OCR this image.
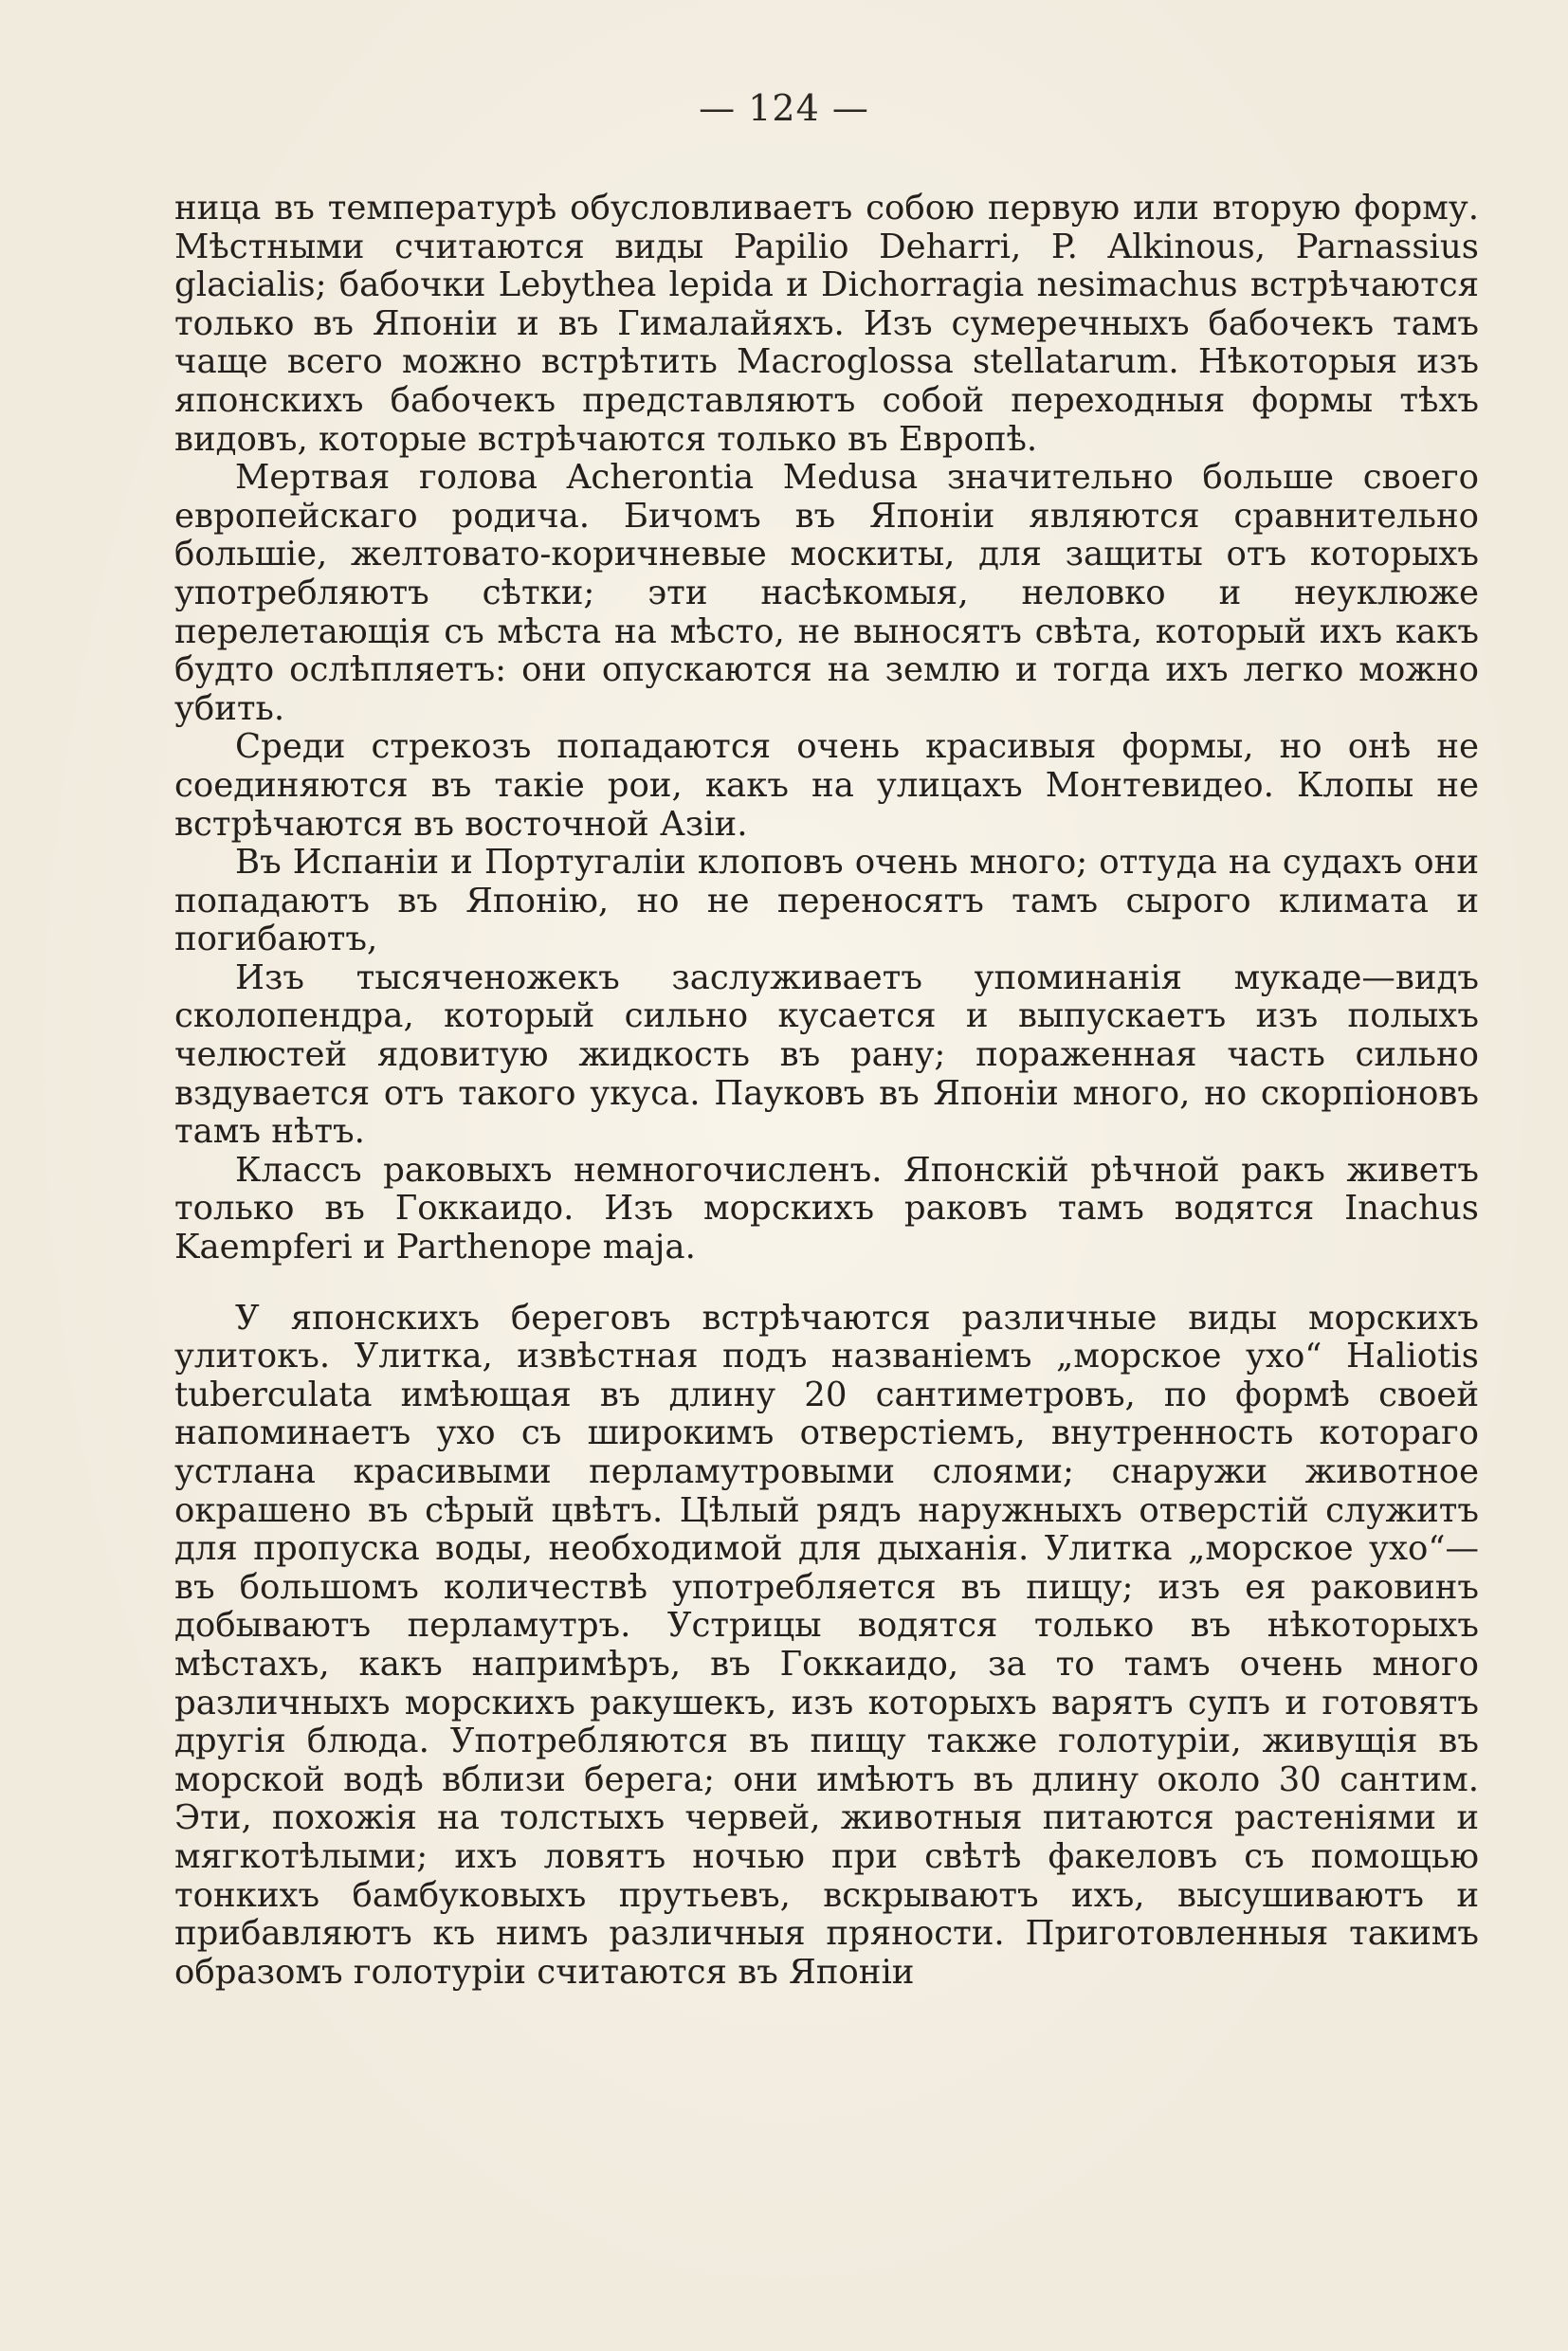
— 124 —

ница въ температурѣ обусловливаетъ собою первую или вторую форму. Мѣстными считаются виды Papilio Deharri, P. Alkinous, Parnassius glacialis; бабочки Lebythea lepida и Dichorragia nesimachus встрѣчаются только въ Японіи и въ Гималайяхъ. Изъ сумеречныхъ бабочекъ тамъ чаще всего можно встрѣтить Macroglossa stellatarum. Нѣкоторыя изъ японскихъ бабочекъ представляютъ собой переходныя формы тѣхъ видовъ, которые встрѣчаются только въ Европѣ.

Мертвая голова Acherontia Medusa значительно больше своего европейскаго родича. Бичомъ въ Японіи являются сравнительно большіе, желтовато-коричневые москиты, для защиты отъ которыхъ употребляютъ сѣтки; эти насѣкомыя, неловко и неуклюже перелетающія съ мѣста на мѣсто, не выносятъ свѣта, который ихъ какъ будто ослѣпляетъ: они опускаются на землю и тогда ихъ легко можно убить.

Среди стрекозъ попадаются очень красивыя формы, но онѣ не соединяются въ такіе рои, какъ на улицахъ Монтевидео. Клопы не встрѣчаются въ восточной Азіи.

Въ Испаніи и Португаліи клоповъ очень много; оттуда на судахъ они попадаютъ въ Японію, но не переносятъ тамъ сырого климата и погибаютъ,

Изъ тысяченожекъ заслуживаетъ упоминанія мукаде—видъ сколопендра, который сильно кусается и выпускаетъ изъ полыхъ челюстей ядовитую жидкость въ рану; пораженная часть сильно вздувается отъ такого укуса. Пауковъ въ Японіи много, но скорпіоновъ тамъ нѣтъ.

Классъ раковыхъ немногочисленъ. Японскій рѣчной ракъ живетъ только въ Гоккаидо. Изъ морскихъ раковъ тамъ водятся Inachus Kaempferi и Parthenope maja.

У японскихъ береговъ встрѣчаются различные виды морскихъ улитокъ. Улитка, извѣстная подъ названіемъ „морское ухо“ Haliotis tuberculata имѣющая въ длину 20 сантиметровъ, по формѣ своей напоминаетъ ухо съ широкимъ отверстіемъ, внутренность котораго устлана красивыми перламутровыми слоями; снаружи животное окрашено въ сѣрый цвѣтъ. Цѣлый рядъ наружныхъ отверстій служитъ для пропуска воды, необходимой для дыханія. Улитка „морское ухо“—въ большомъ количествѣ употребляется въ пищу; изъ ея раковинъ добываютъ перламутръ. Устрицы водятся только въ нѣкоторыхъ мѣстахъ, какъ напримѣръ, въ Гоккаидо, за то тамъ очень много различныхъ морскихъ ракушекъ, изъ которыхъ варятъ супъ и готовятъ другія блюда. Употребляются въ пищу также голотуріи, живущія въ морской водѣ вблизи берега; они имѣютъ въ длину около 30 сантим. Эти, похожія на толстыхъ червей, животныя питаются растеніями и мягкотѣлыми; ихъ ловятъ ночью при свѣтѣ факеловъ съ помощью тонкихъ бамбуковыхъ прутьевъ, вскрываютъ ихъ, высушиваютъ и прибавляютъ къ нимъ различныя пряности. Приготовленныя такимъ образомъ голотуріи считаются въ Японіи
